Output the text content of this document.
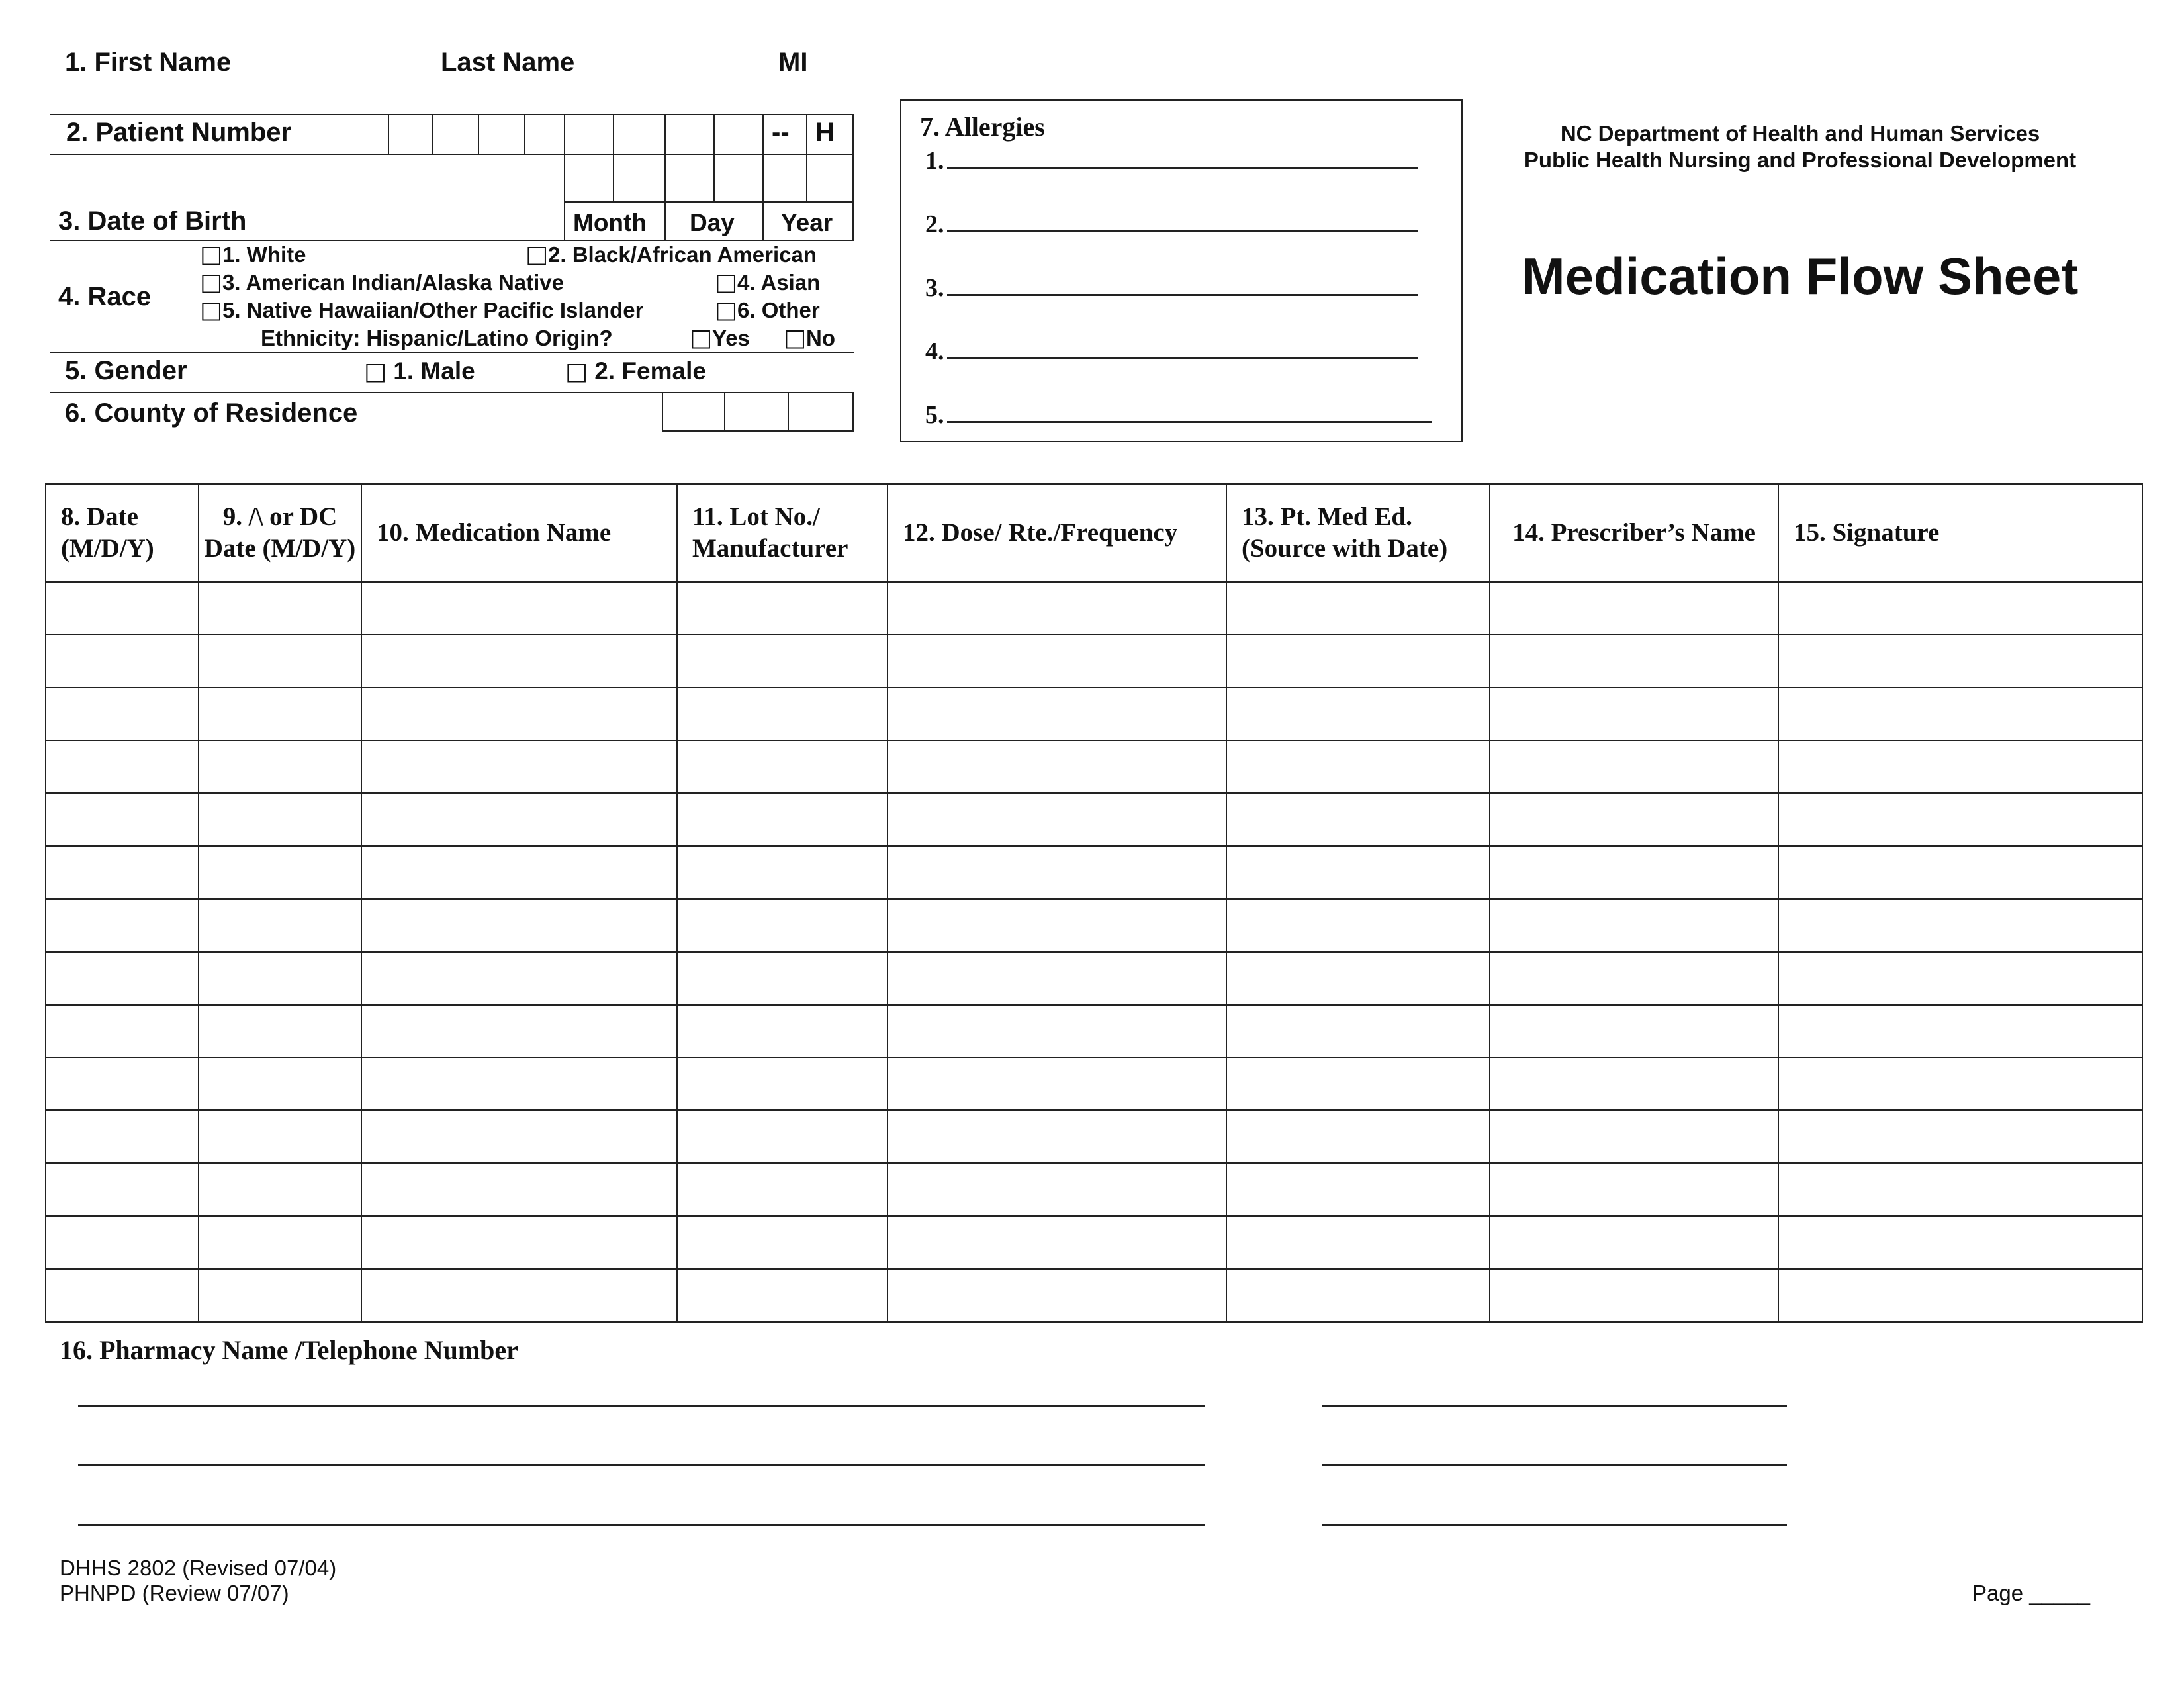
1. First Name	Last Name	MI
2. Patient Number	-- H
3. Date of Birth	Month Day Year
4. Race
□1. White	□2. Black/African American
□3. American Indian/Alaska Native	□4. Asian
□5. Native Hawaiian/Other Pacific Islander	□6. Other
Ethnicity: Hispanic/Latino Origin?	□Yes □No
5. Gender	□ 1. Male	□ 2. Female
6. County of Residence
7. Allergies
1.
2.
3.
4.
5.
NC Department of Health and Human Services
Public Health Nursing and Professional Development
Medication Flow Sheet
8. Date (M/D/Y)	9. /\ or DC Date (M/D/Y)	10. Medication Name	11. Lot No./ Manufacturer	12. Dose/ Rte./Frequency	13. Pt. Med Ed. (Source with Date)	14. Prescriber’s Name	15. Signature

16. Pharmacy Name /Telephone Number
DHHS 2802 (Revised 07/04)
PHNPD (Review 07/07)	Page _____
